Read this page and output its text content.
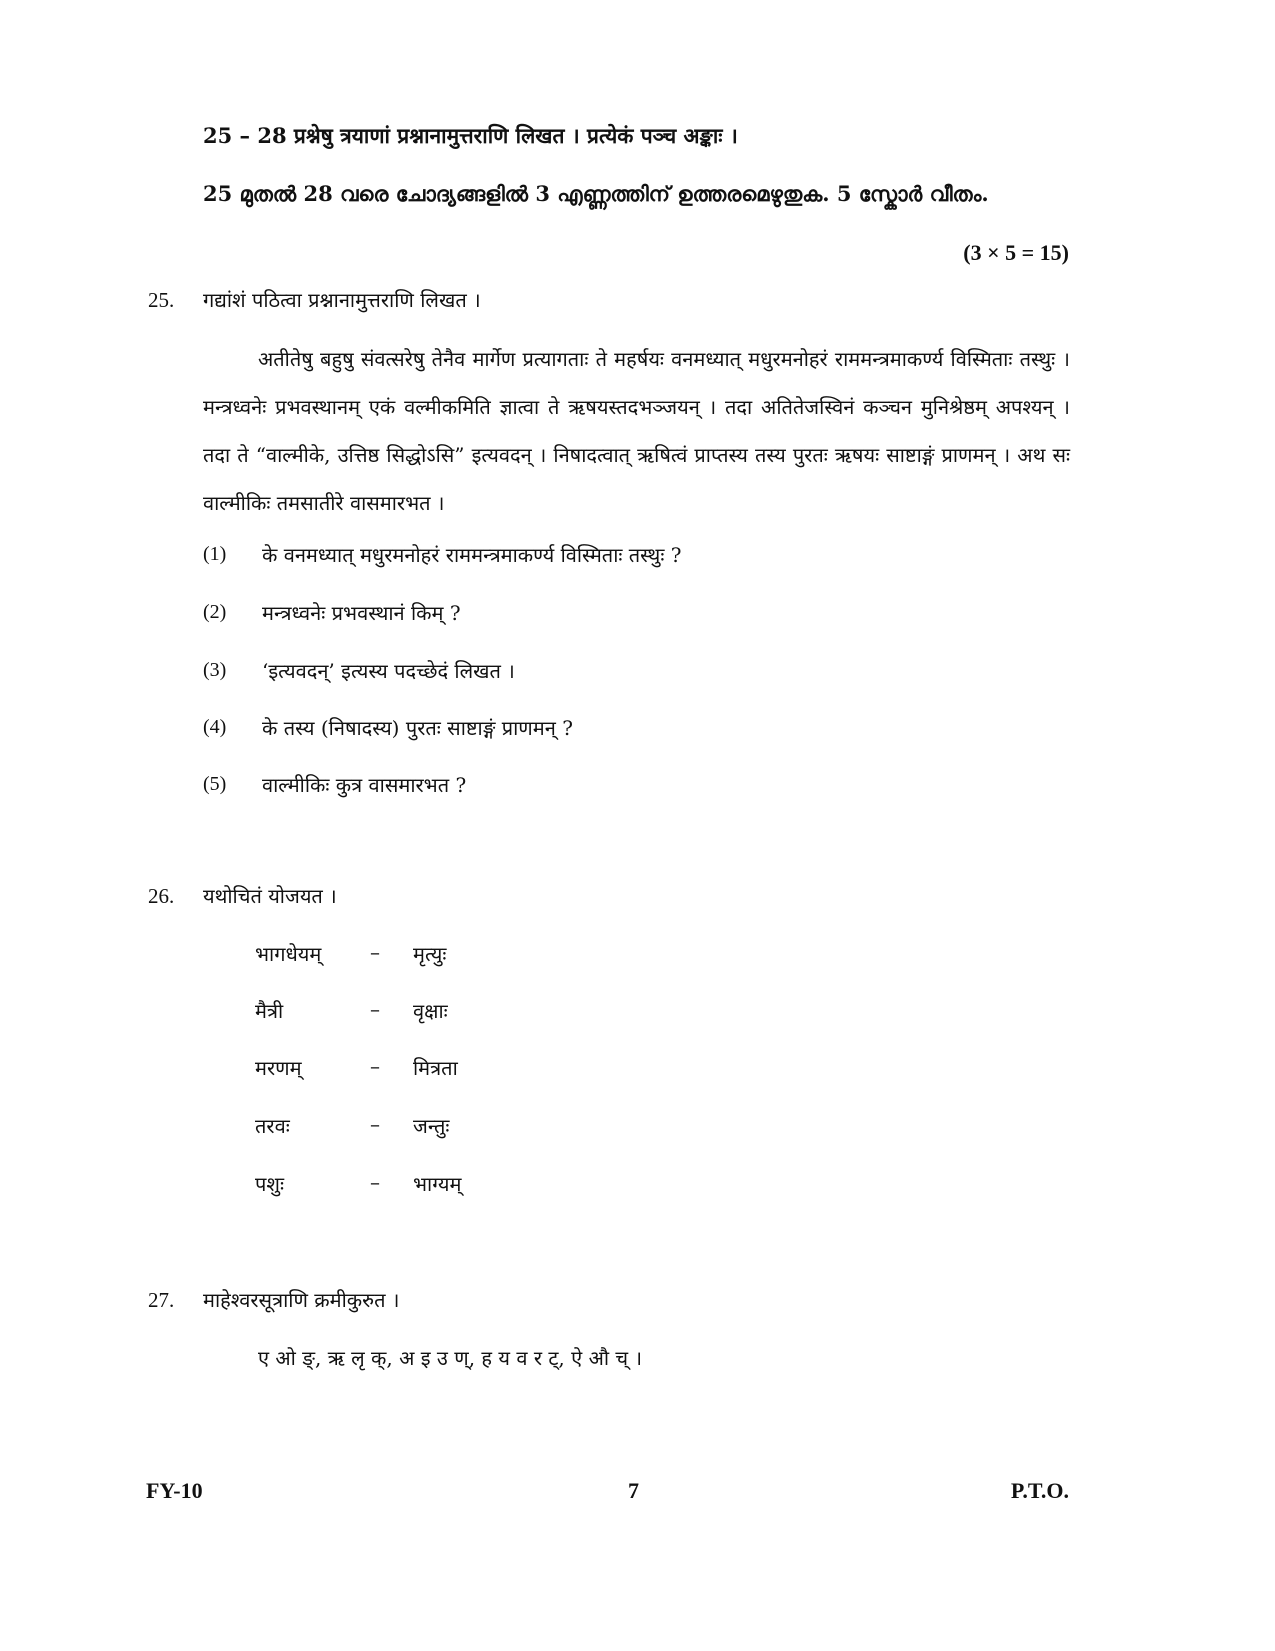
25 – 28 प्रश्नेषु त्रयाणां प्रश्नानामुत्तराणि लिखत । प्रत्येकं पञ्च अङ्काः ।
25 മുതൽ 28 വരെ ചോദ്യങ്ങളിൽ 3 എണ്ണത്തിന് ഉത്തരമെഴുതുക. 5 സ്കോർ വീതം.
(3 × 5 = 15)
25. गद्यांशं पठित्वा प्रश्नानामुत्तराणि लिखत ।

अतीतेषु बहुषु संवत्सरेषु तेनैव मार्गेण प्रत्यागताः ते महर्षयः वनमध्यात् मधुरमनोहरं राममन्त्रमाकर्ण्य विस्मिताः तस्थुः । मन्त्रध्वनेः प्रभवस्थानम् एकं वल्मीकमिति ज्ञात्वा ते ऋषयस्तदभञ्जयन् । तदा अतितेजस्विनं कञ्चन मुनिश्रेष्ठम् अपश्यन् । तदा ते “वाल्मीके, उत्तिष्ठ सिद्धोऽसि” इत्यवदन् । निषादत्वात् ऋषित्वं प्राप्तस्य तस्य पुरतः ऋषयः साष्टाङ्गं प्राणमन् । अथ सः वाल्मीकिः तमसातीरे वासमारभत ।

(1) के वनमध्यात् मधुरमनोहरं राममन्त्रमाकर्ण्य विस्मिताः तस्थुः ?
(2) मन्त्रध्वनेः प्रभवस्थानं किम् ?
(3) ‘इत्यवदन्’ इत्यस्य पदच्छेदं लिखत ।
(4) के तस्य (निषादस्य) पुरतः साष्टाङ्गं प्राणमन् ?
(5) वाल्मीकिः कुत्र वासमारभत ?
26. यथोचितं योजयत ।
भागधेयम् – मृत्युः
मैत्री	– वृक्षाः
मरणम्	– मित्रता
तरवः	– जन्तुः
पशुः	– भाग्यम्
27. माहेश्वरसूत्राणि क्रमीकुरुत ।
ए ओ ङ्, ऋ लृ क्, अ इ उ ण्, ह य व र ट्, ऐ औ च् ।
FY-10	7	P.T.O.
